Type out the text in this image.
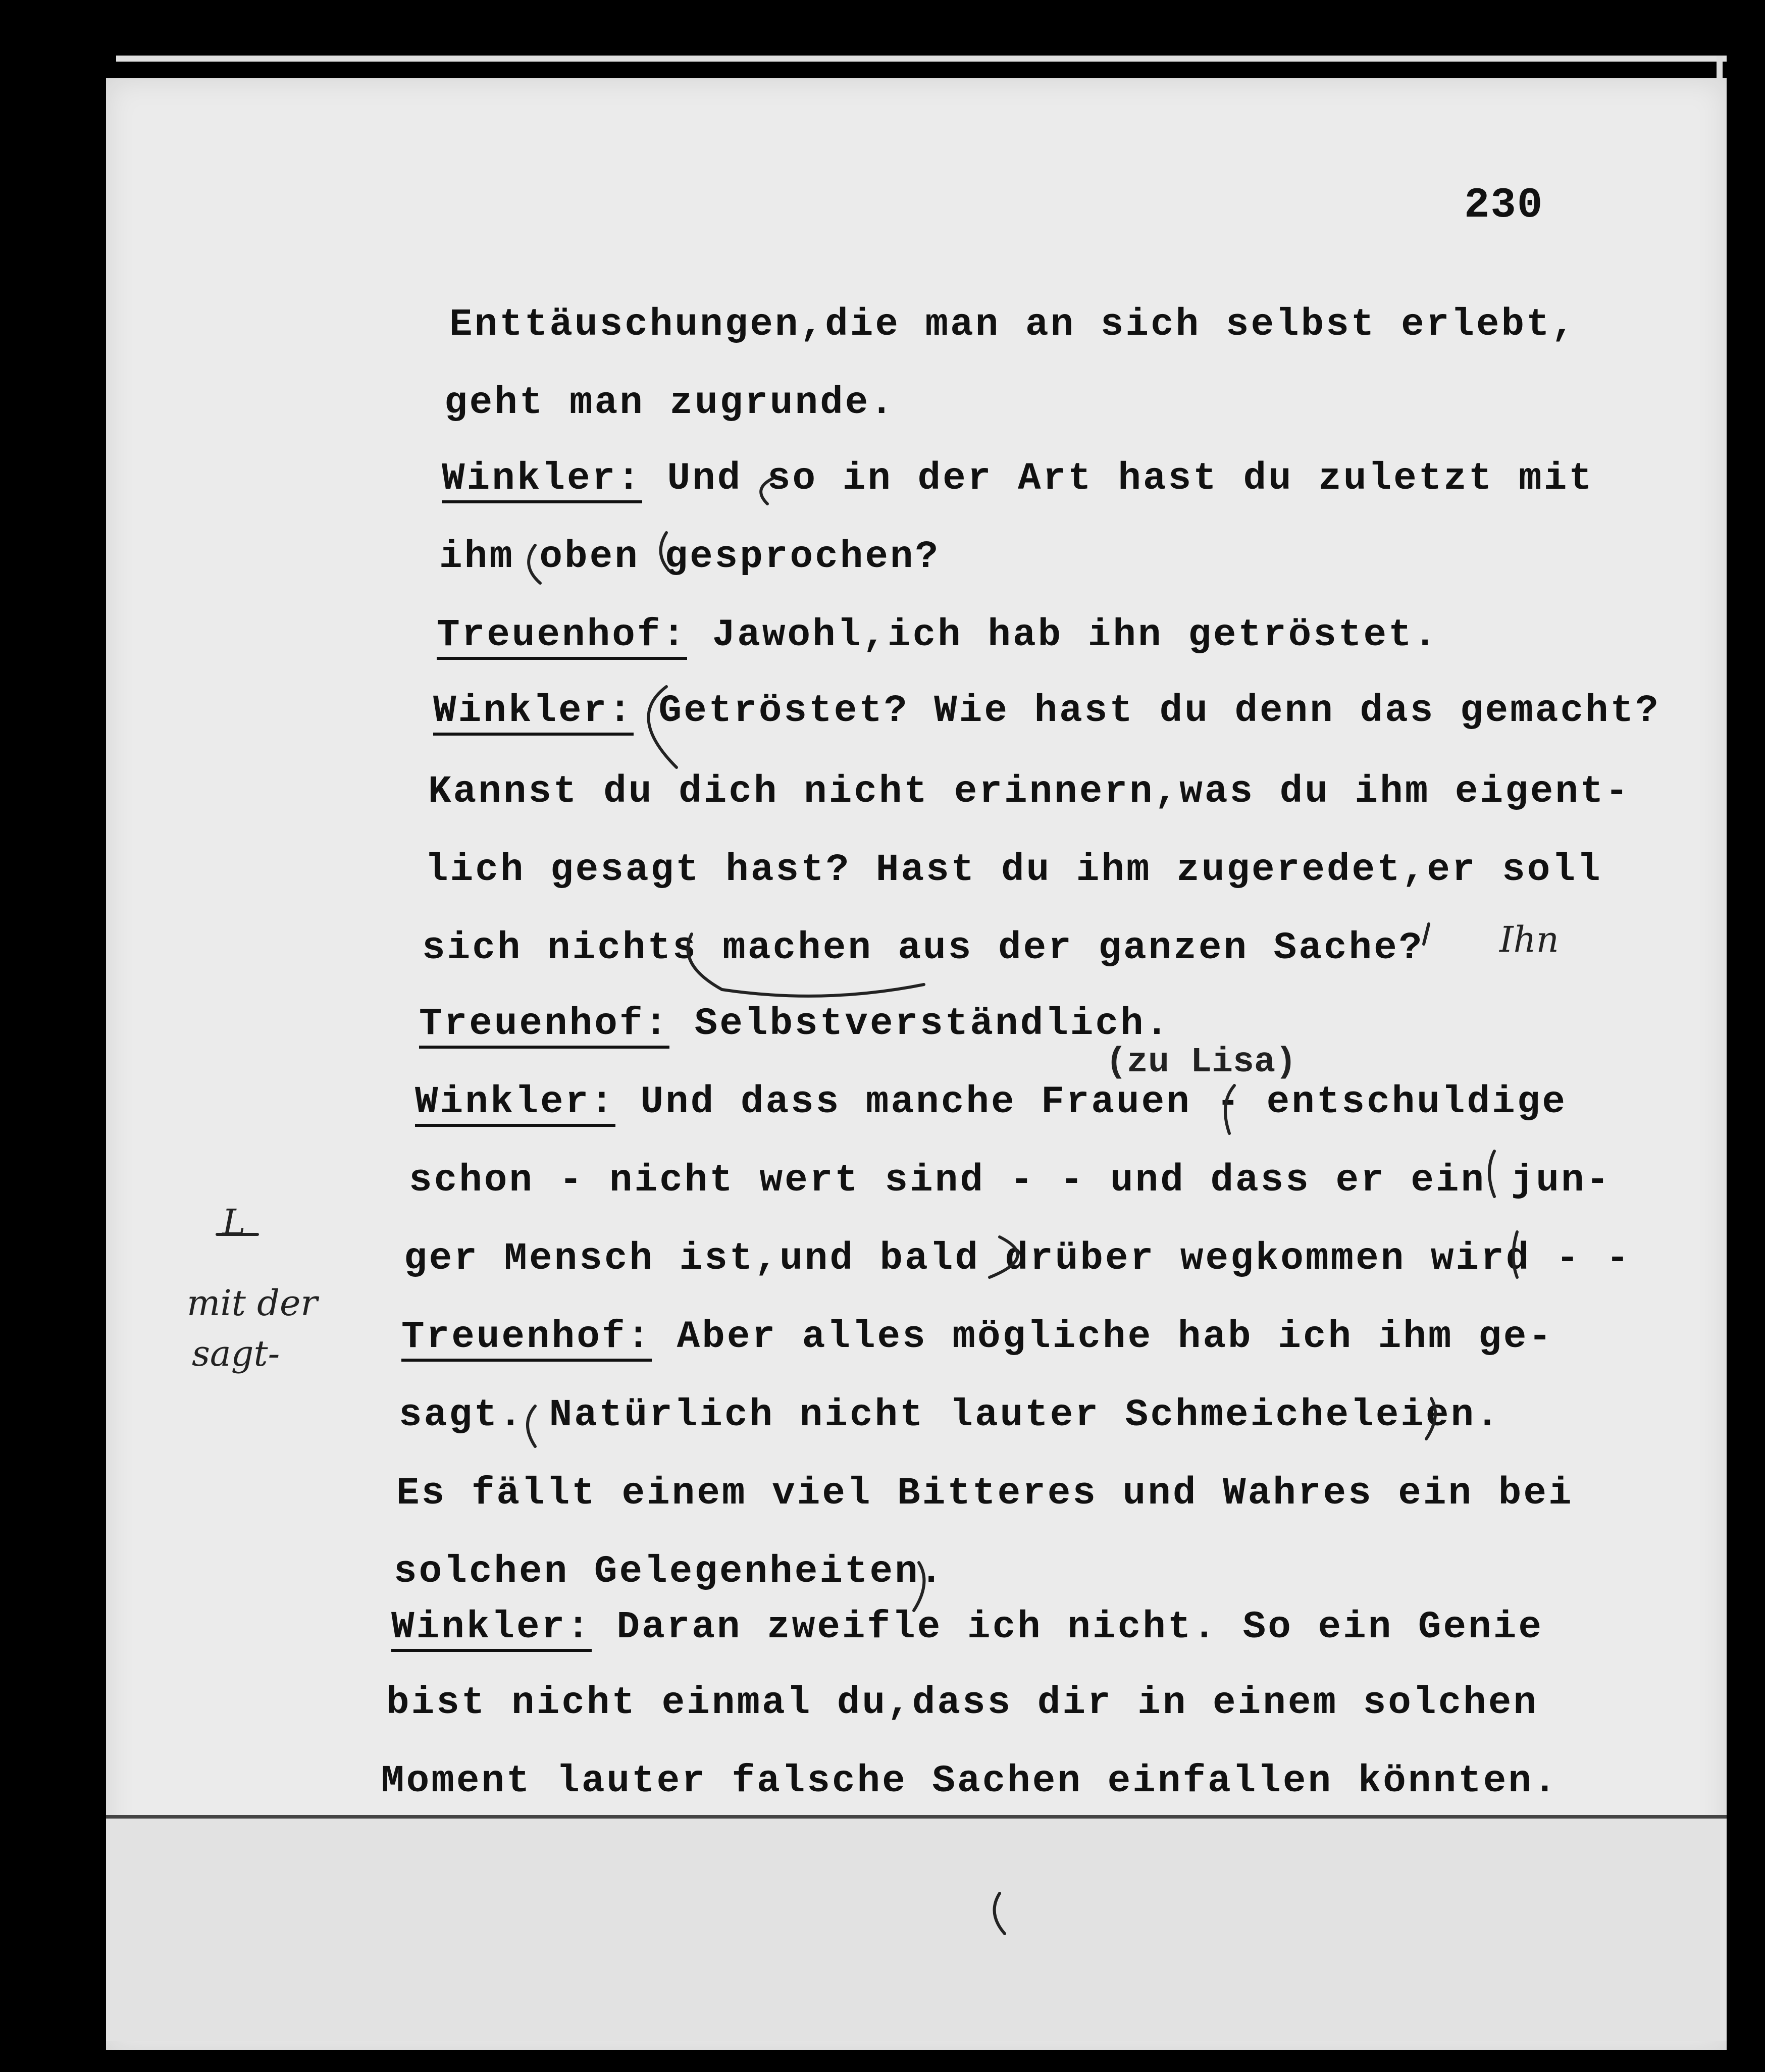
230
Enttäuschungen,die man an sich selbst erlebt,
geht man zugrunde.
Winkler: Und so in der Art hast du zuletzt mit
ihm oben gesprochen?
Treuenhof: Jawohl,ich hab ihn getröstet.
Winkler: Getröstet? Wie hast du denn das gemacht?
Kannst du dich nicht erinnern,was du ihm eigent-
lich gesagt hast? Hast du ihm zugeredet,er soll
sich nichts machen aus der ganzen Sache?
Treuenhof: Selbstverständlich.
Winkler: Und dass manche Frauen - entschuldige
schon - nicht wert sind - - und dass er ein jun-
ger Mensch ist,und bald drüber wegkommen wird - -
Treuenhof: Aber alles mögliche hab ich ihm ge-
sagt. Natürlich nicht lauter Schmeicheleien.
Es fällt einem viel Bitteres und Wahres ein bei
solchen Gelegenheiten.
Winkler: Daran zweifle ich nicht. So ein Genie
bist nicht einmal du,dass dir in einem solchen
Moment lauter falsche Sachen einfallen könnten.
(zu Lisa)
Ihn
L
mit der
sagt-
